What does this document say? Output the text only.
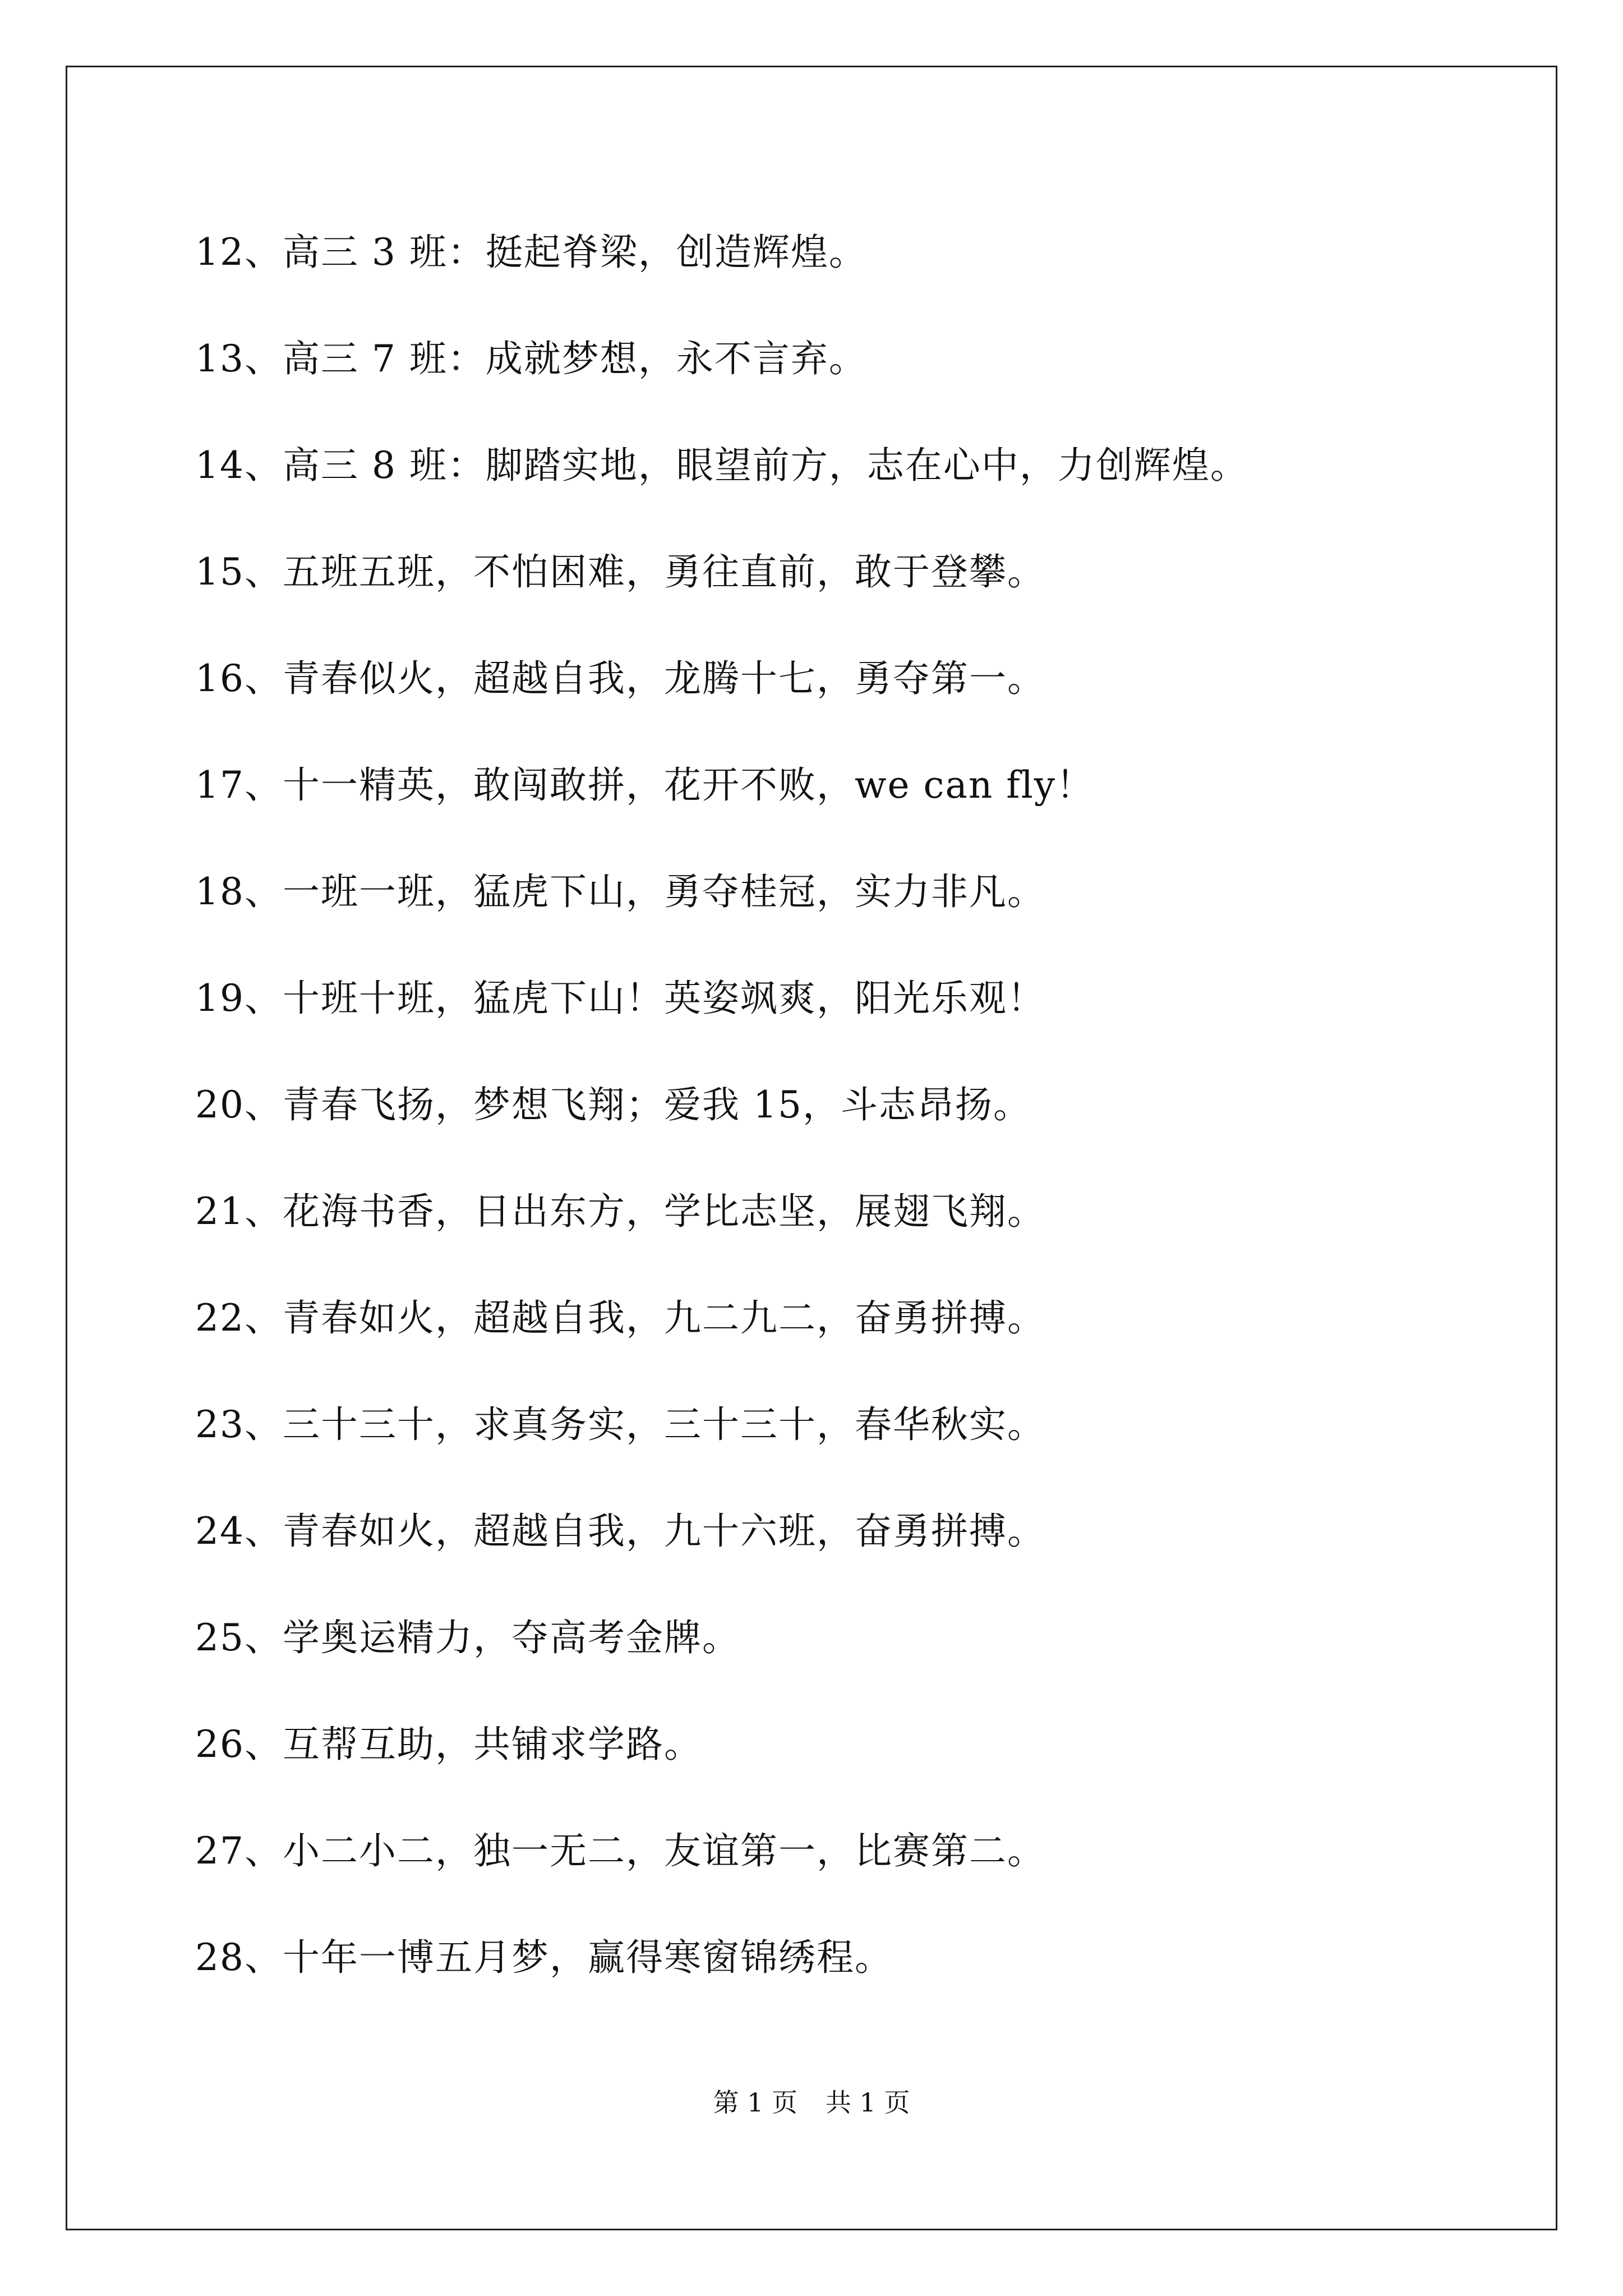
12、高三 3 班：挺起脊梁，创造辉煌。
13、高三 7 班：成就梦想，永不言弃。
14、高三 8 班：脚踏实地，眼望前方，志在心中，力创辉煌。
15、五班五班，不怕困难，勇往直前，敢于登攀。
16、青春似火，超越自我，龙腾十七，勇夺第一。
17、十一精英，敢闯敢拼，花开不败，we can fly！
18、一班一班，猛虎下山，勇夺桂冠，实力非凡。
19、十班十班，猛虎下山！英姿飒爽，阳光乐观！
20、青春飞扬，梦想飞翔；爱我 15，斗志昂扬。
21、花海书香，日出东方，学比志坚，展翅飞翔。
22、青春如火，超越自我，九二九二，奋勇拼搏。
23、三十三十，求真务实，三十三十，春华秋实。
24、青春如火，超越自我，九十六班，奋勇拼搏。
25、学奥运精力，夺高考金牌。
26、互帮互助，共铺求学路。
27、小二小二，独一无二，友谊第一，比赛第二。
28、十年一博五月梦，赢得寒窗锦绣程。
第 1 页 共 1 页
